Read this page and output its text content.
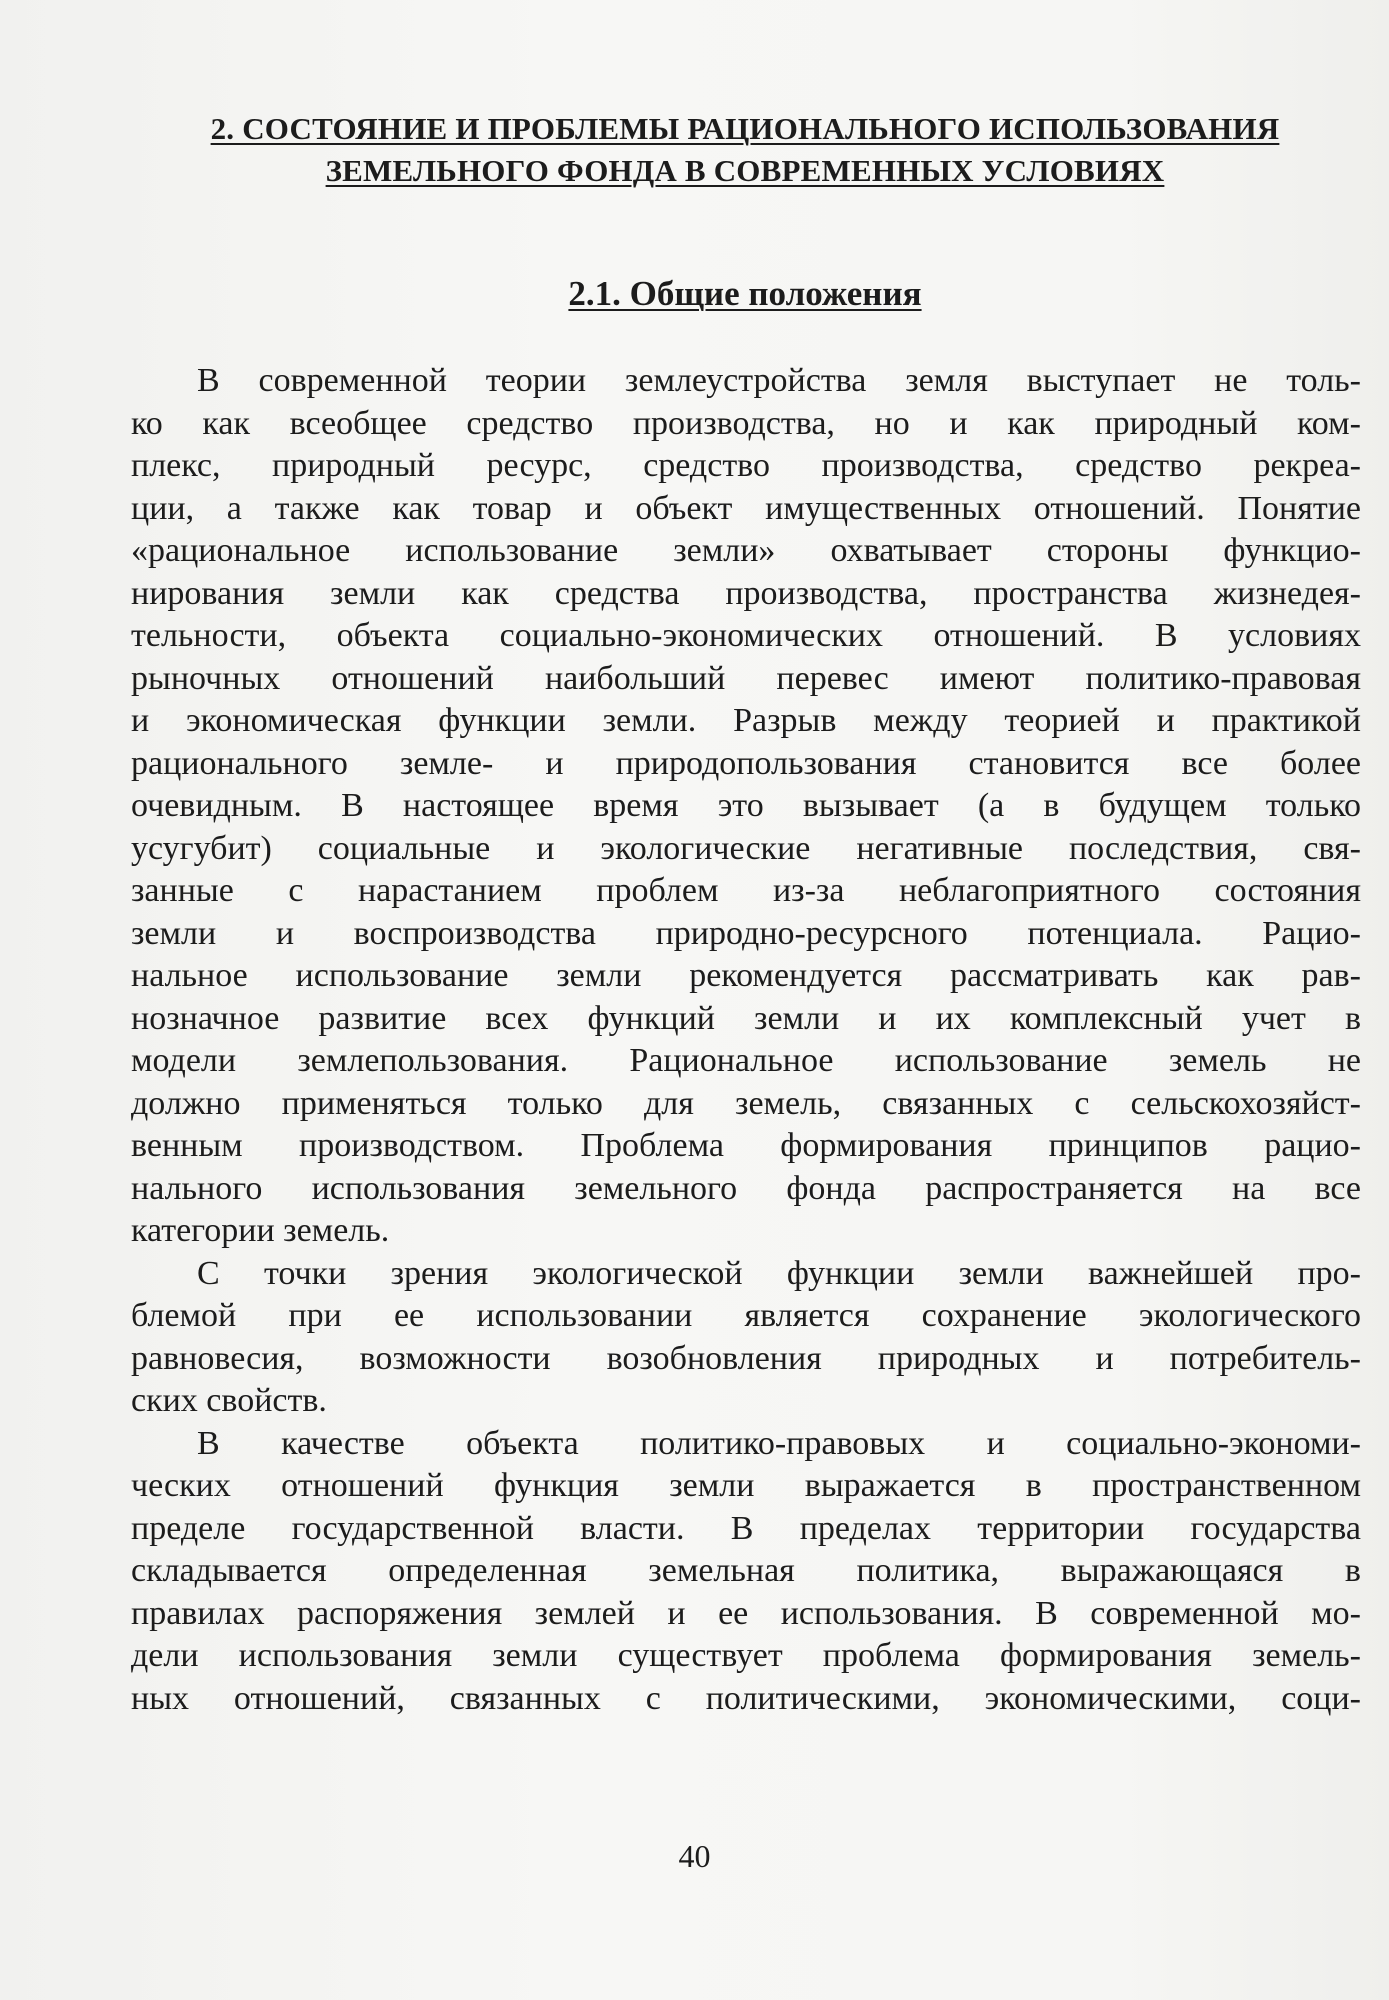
2. СОСТОЯНИЕ И ПРОБЛЕМЫ РАЦИОНАЛЬНОГО ИСПОЛЬЗОВАНИЯ
ЗЕМЕЛЬНОГО ФОНДА В СОВРЕМЕННЫХ УСЛОВИЯХ
2.1. Общие положения

В современной теории землеустройства земля выступает не толь-
ко как всеобщее средство производства, но и как природный ком-
плекс, природный ресурс, средство производства, средство рекреа-
ции, а также как товар и объект имущественных отношений. Понятие
«рациональное использование земли» охватывает стороны функцио-
нирования земли как средства производства, пространства жизнедея-
тельности, объекта социально-экономических отношений. В условиях
рыночных отношений наибольший перевес имеют политико-правовая
и экономическая функции земли. Разрыв между теорией и практикой
рационального земле- и природопользования становится все более
очевидным. В настоящее время это вызывает (а в будущем только
усугубит) социальные и экологические негативные последствия, свя-
занные с нарастанием проблем из-за неблагоприятного состояния
земли и воспроизводства природно-ресурсного потенциала. Рацио-
нальное использование земли рекомендуется рассматривать как рав-
нозначное развитие всех функций земли и их комплексный учет в
модели землепользования. Рациональное использование земель не
должно применяться только для земель, связанных с сельскохозяйст-
венным производством. Проблема формирования принципов рацио-
нального использования земельного фонда распространяется на все
категории земель.

С точки зрения экологической функции земли важнейшей про-
блемой при ее использовании является сохранение экологического
равновесия, возможности возобновления природных и потребитель-
ских свойств.

В качестве объекта политико-правовых и социально-экономи-
ческих отношений функция земли выражается в пространственном
пределе государственной власти. В пределах территории государства
складывается определенная земельная политика, выражающаяся в
правилах распоряжения землей и ее использования. В современной мо-
дели использования земли существует проблема формирования земель-
ных отношений, связанных с политическими, экономическими, соци-

40
